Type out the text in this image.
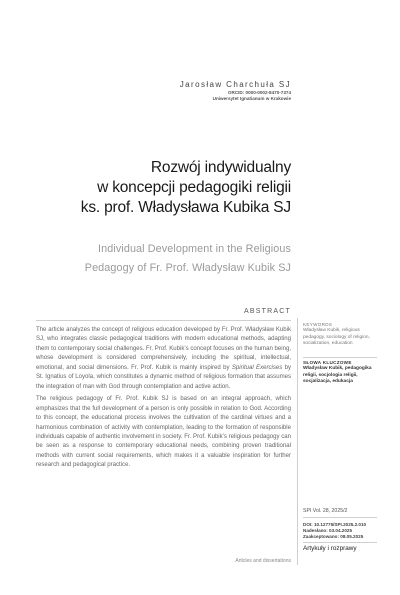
Jarosław Charchuła SJ
ORCID: 0000-0002-8470-7374
Uniwersytet Ignatianum w Krakowie
Rozwój indywidualny
w koncepcji pedagogiki religii
ks. prof. Władysława Kubika SJ
Individual Development in the Religious
Pedagogy of Fr. Prof. Władysław Kubik SJ
ABSTRACT

The article analyzes the concept of religious education developed by Fr. Prof. Władysław Kubik SJ, who integrates classic pedagogical traditions with modern educational methods, adapting them to contemporary social challenges. Fr. Prof. Kubik’s concept focuses on the human being, whose development is considered comprehensively, including the spiritual, intellectual, emotional, and social dimensions. Fr. Prof. Kubik is mainly inspired by Spiritual Exercises by St. Ignatius of Loyola, which constitutes a dynamic method of religious formation that assumes the integration of man with God through contemplation and active action.

The religious pedagogy of Fr. Prof. Kubik SJ is based on an integral approach, which emphasizes that the full development of a person is only possible in relation to God. According to this concept, the educational process involves the cultivation of the cardinal virtues and a harmonious combination of activity with contemplation, leading to the formation of responsible individuals capable of authentic involvement in society. Fr. Prof. Kubik’s religious pedagogy can be seen as a response to contemporary educational needs, combining proven traditional methods with current social requirements, which makes it a valuable inspiration for further research and pedagogical practice.

Articles and dissertations
KEYWORDS
Władysław Kubik, religious pedagogy, sociology of religion, socialization, education
SŁOWA KLUCZOWE
Władysław Kubik, pedagogika religii, socjologia religii, socjalizacja, edukacja
SPI Vol. 28, 2025/2
DOI: 10.12775/SPI.2025.2.010
Nadesłano: 03.04.2025
Zaakceptowano: 08.05.2025
Artykuły i rozprawy
